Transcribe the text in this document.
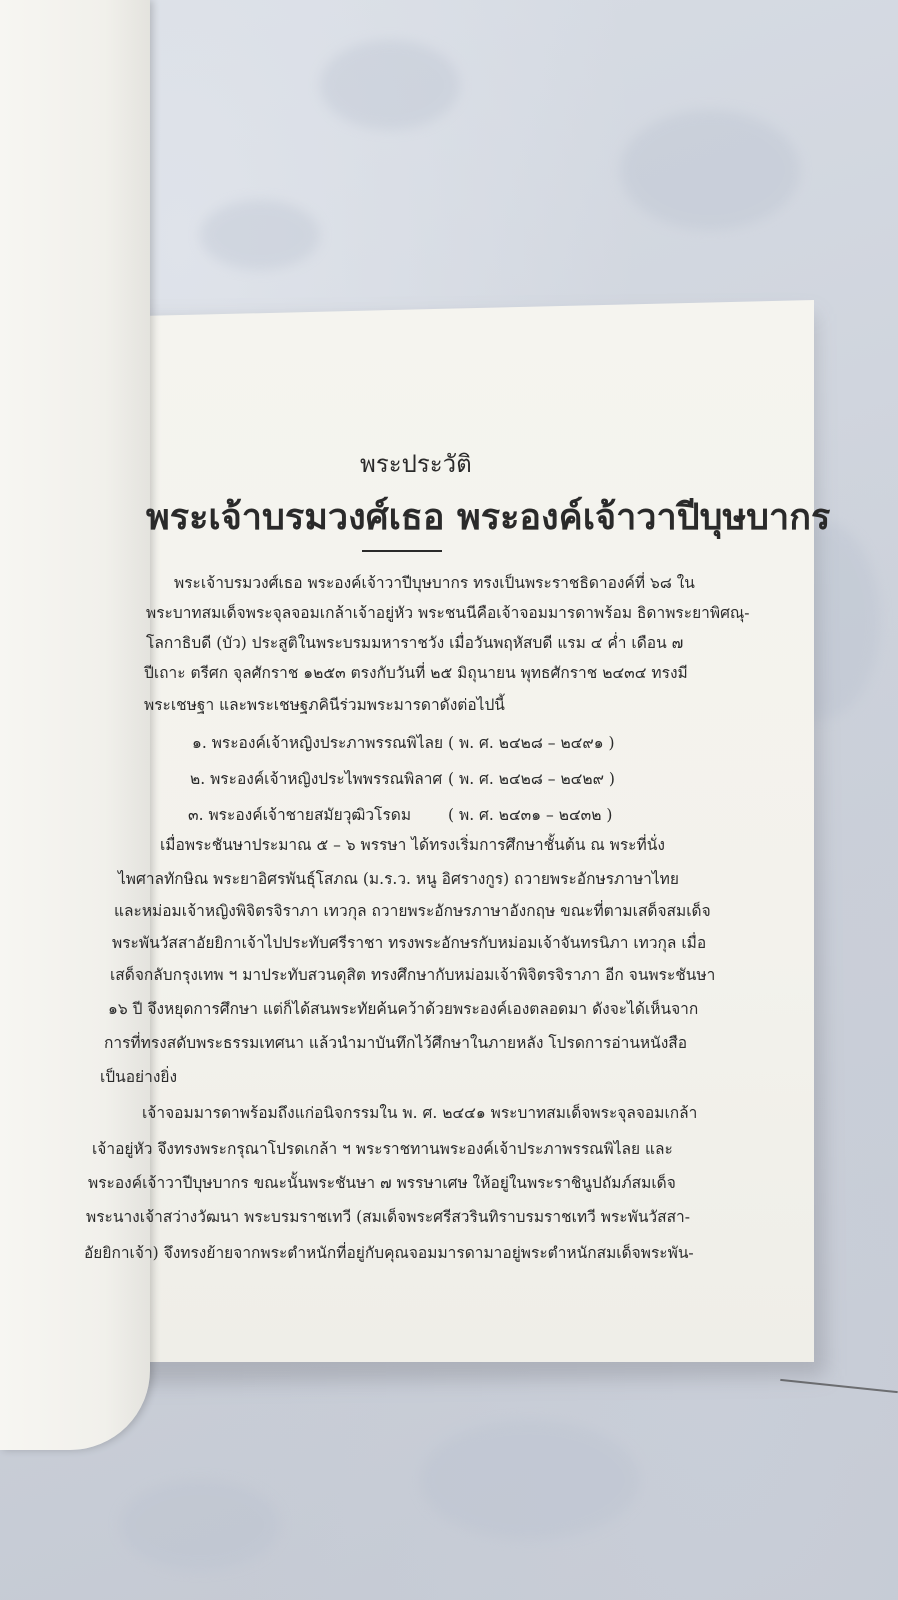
พระประวัติ
พระเจ้าบรมวงศ์เธอ พระองค์เจ้าวาปีบุษบากร
พระเจ้าบรมวงศ์เธอ พระองค์เจ้าวาปีบุษบากร ทรงเป็นพระราชธิดาองค์ที่ ๖๘ ใน
พระบาทสมเด็จพระจุลจอมเกล้าเจ้าอยู่หัว พระชนนีคือเจ้าจอมมารดาพร้อม ธิดาพระยาพิศณุ-
โลกาธิบดี (บัว) ประสูติในพระบรมมหาราชวัง เมื่อวันพฤหัสบดี แรม ๔ ค่ำ เดือน ๗
ปีเถาะ ตรีศก จุลศักราช ๑๒๕๓ ตรงกับวันที่ ๒๕ มิถุนายน พุทธศักราช ๒๔๓๔ ทรงมี
พระเชษฐา และพระเชษฐภคินีร่วมพระมารดาดังต่อไปนี้
๑. พระองค์เจ้าหญิงประภาพรรณพิไลย ( พ. ศ. ๒๔๒๘ – ๒๔๙๑ )
๒. พระองค์เจ้าหญิงประไพพรรณพิลาศ ( พ. ศ. ๒๔๒๘ – ๒๔๒๙ )
๓. พระองค์เจ้าชายสมัยวุฒิวโรดม ( พ. ศ. ๒๔๓๑ – ๒๔๓๒ )
เมื่อพระชันษาประมาณ ๕ – ๖ พรรษา ได้ทรงเริ่มการศึกษาชั้นต้น ณ พระที่นั่ง
ไพศาลทักษิณ พระยาอิศรพันธุ์โสภณ (ม.ร.ว. หนู อิศรางกูร) ถวายพระอักษรภาษาไทย
และหม่อมเจ้าหญิงพิจิตรจิราภา เทวกุล ถวายพระอักษรภาษาอังกฤษ ขณะที่ตามเสด็จสมเด็จ
พระพันวัสสาอัยยิกาเจ้าไปประทับศรีราชา ทรงพระอักษรกับหม่อมเจ้าจันทรนิภา เทวกุล เมื่อ
เสด็จกลับกรุงเทพ ฯ มาประทับสวนดุสิต ทรงศึกษากับหม่อมเจ้าพิจิตรจิราภา อีก จนพระชันษา
๑๖ ปี จึงหยุดการศึกษา แต่ก็ได้สนพระทัยค้นคว้าด้วยพระองค์เองตลอดมา ดังจะได้เห็นจาก
การที่ทรงสดับพระธรรมเทศนา แล้วนำมาบันทึกไว้ศึกษาในภายหลัง โปรดการอ่านหนังสือ
เป็นอย่างยิ่ง
เจ้าจอมมารดาพร้อมถึงแก่อนิจกรรมใน พ. ศ. ๒๔๔๑ พระบาทสมเด็จพระจุลจอมเกล้า
เจ้าอยู่หัว จึงทรงพระกรุณาโปรดเกล้า ฯ พระราชทานพระองค์เจ้าประภาพรรณพิไลย และ
พระองค์เจ้าวาปีบุษบากร ขณะนั้นพระชันษา ๗ พรรษาเศษ ให้อยู่ในพระราชินูปถัมภ์สมเด็จ
พระนางเจ้าสว่างวัฒนา พระบรมราชเทวี (สมเด็จพระศรีสวรินทิราบรมราชเทวี พระพันวัสสา-
อัยยิกาเจ้า) จึงทรงย้ายจากพระตำหนักที่อยู่กับคุณจอมมารดามาอยู่พระตำหนักสมเด็จพระพัน-
